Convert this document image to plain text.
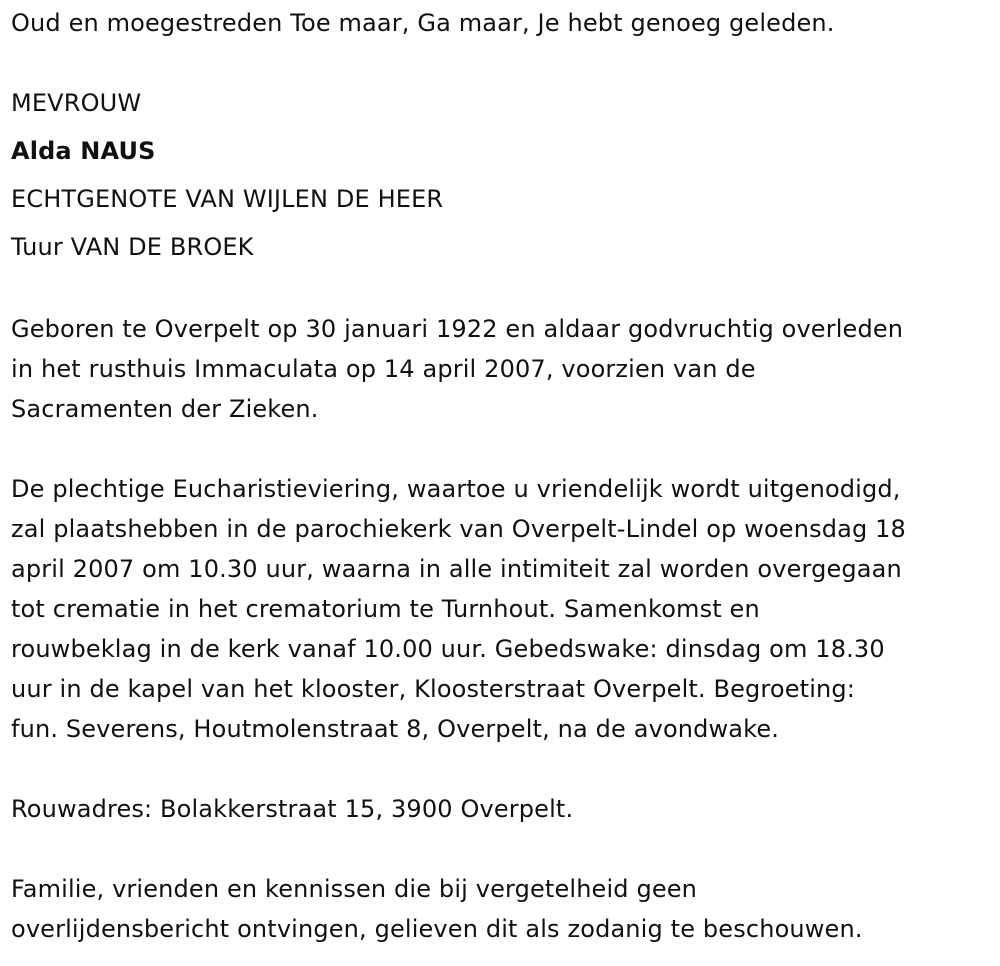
Oud en moegestreden Toe maar, Ga maar, Je hebt genoeg geleden.
MEVROUW
Alda NAUS
ECHTGENOTE VAN WIJLEN DE HEER
Tuur VAN DE BROEK
Geboren te Overpelt op 30 januari 1922 en aldaar godvruchtig overleden
in het rusthuis Immaculata op 14 april 2007, voorzien van de
Sacramenten der Zieken.
De plechtige Eucharistieviering, waartoe u vriendelijk wordt uitgenodigd,
zal plaatshebben in de parochiekerk van Overpelt-Lindel op woensdag 18
april 2007 om 10.30 uur, waarna in alle intimiteit zal worden overgegaan
tot crematie in het crematorium te Turnhout. Samenkomst en
rouwbeklag in de kerk vanaf 10.00 uur. Gebedswake: dinsdag om 18.30
uur in de kapel van het klooster, Kloosterstraat Overpelt. Begroeting:
fun. Severens, Houtmolenstraat 8, Overpelt, na de avondwake.
Rouwadres: Bolakkerstraat 15, 3900 Overpelt.
Familie, vrienden en kennissen die bij vergetelheid geen
overlijdensbericht ontvingen, gelieven dit als zodanig te beschouwen.
